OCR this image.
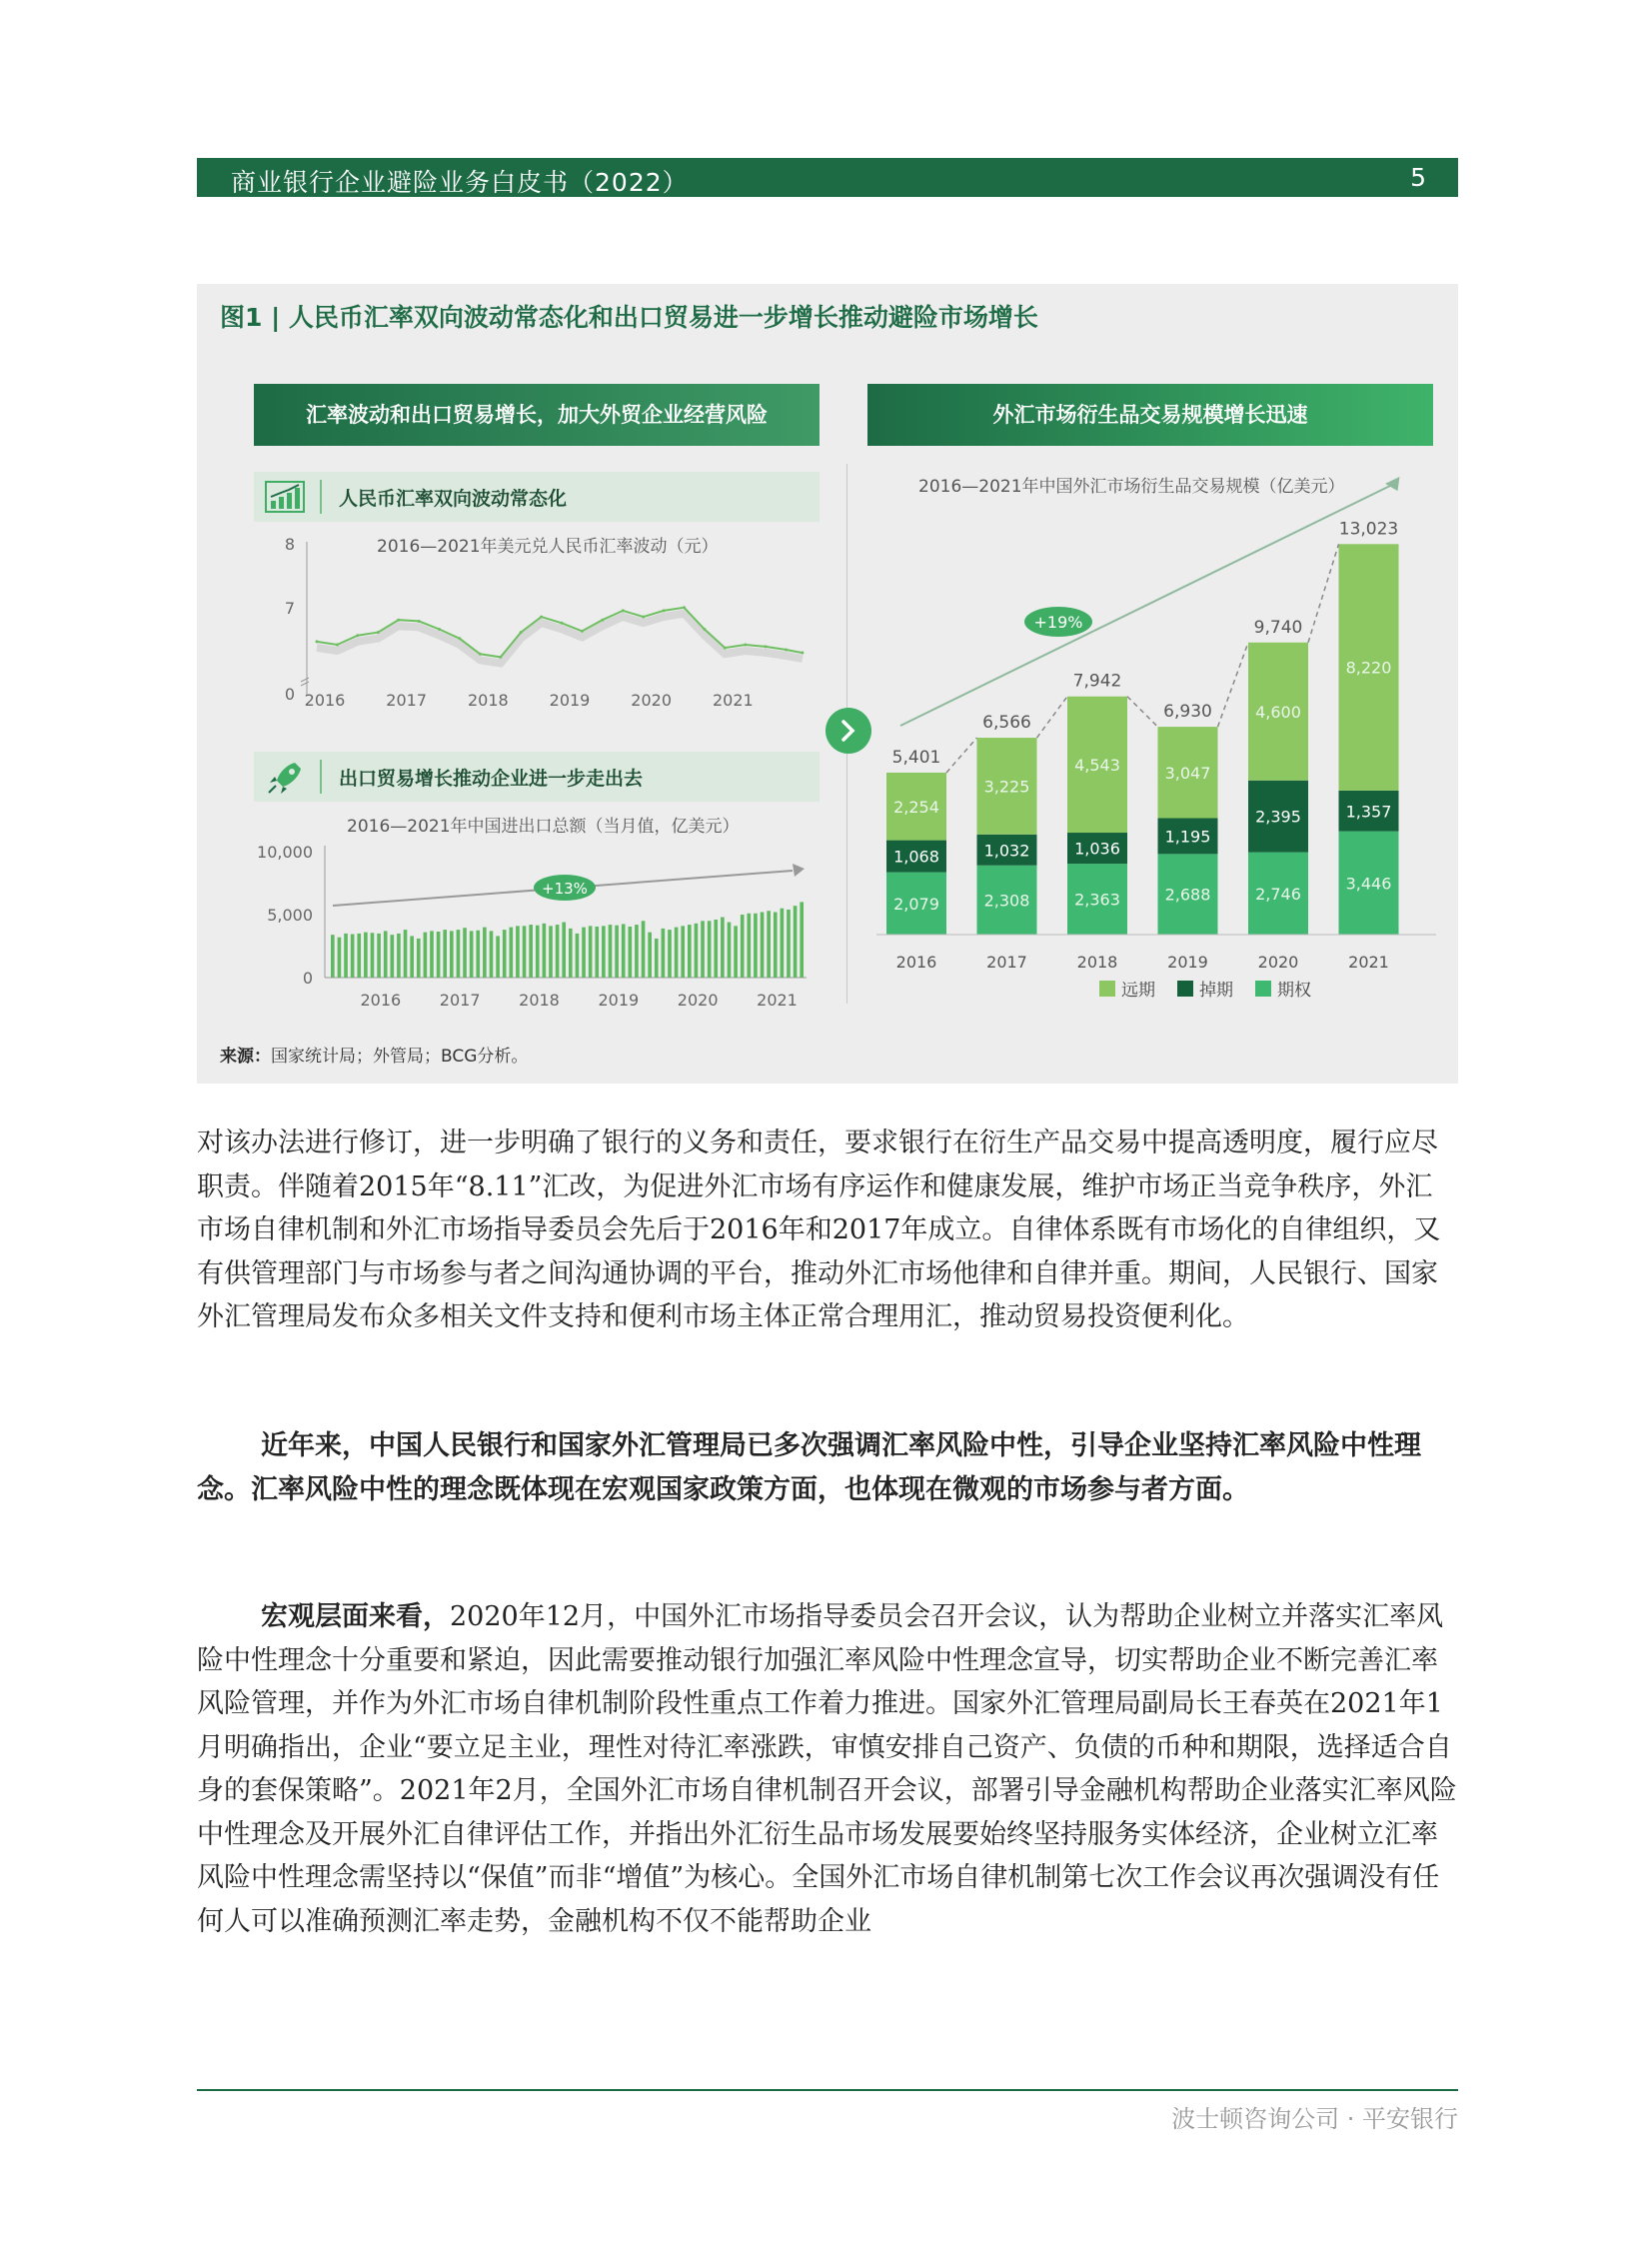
商业银行企业避险业务白皮书（2022）	5
图1 | 人民币汇率双向波动常态化和出口贸易进一步增长推动避险市场增长
汇率波动和出口贸易增长，加大外贸企业经营风险	外汇市场衍生品交易规模增长迅速
人民币汇率双向波动常态化
出口贸易增长推动企业进一步走出去
2016—2021年美元兑人民币汇率波动（元）
8
7
0 2016	2017	2018	2019	2020	2021
2016—2021年中国进出口总额（当月值，亿美元）
10,000
5,000
0
+13%
2016 2017 2018 2019 2020 2021
2016—2021年中国外汇市场衍生品交易规模（亿美元）
+19%
2,079
1,068
2,254
5,401
2016
2,308
1,032
3,225
6,566
2017
2,363
1,036
4,543
7,942
2018
2,688
1,195
3,047
6,930
2019
2,746
2,395
4,600
9,740
2020
3,446
1,357
8,220
13,023
2021
远期	掉期	期权
来源：国家统计局；外管局；BCG分析。

对该办法进行修订，进一步明确了银行的义务和责任，要求银行在衍生产品交易中提高透明度，履行应尽职责。伴随着2015年“8.11”汇改，为促进外汇市场有序运作和健康发展，维护市场正当竞争秩序，外汇市场自律机制和外汇市场指导委员会先后于2016年和2017年成立。自律体系既有市场化的自律组织，又有供管理部门与市场参与者之间沟通协调的平台，推动外汇市场他律和自律并重。期间，人民银行、国家外汇管理局发布众多相关文件支持和便利市场主体正常合理用汇，推动贸易投资便利化。

近年来，中国人民银行和国家外汇管理局已多次强调汇率风险中性，引导企业坚持汇率风险中性理念。汇率风险中性的理念既体现在宏观国家政策方面，也体现在微观的市场参与者方面。

宏观层面来看，2020年12月，中国外汇市场指导委员会召开会议，认为帮助企业树立并落实汇率风险中性理念十分重要和紧迫，因此需要推动银行加强汇率风险中性理念宣导，切实帮助企业不断完善汇率风险管理，并作为外汇市场自律机制阶段性重点工作着力推进。国家外汇管理局副局长王春英在2021年1月明确指出，企业“要立足主业，理性对待汇率涨跌，审慎安排自己资产、负债的币种和期限，选择适合自身的套保策略”。2021年2月，全国外汇市场自律机制召开会议，部署引导金融机构帮助企业落实汇率风险中性理念及开展外汇自律评估工作，并指出外汇衍生品市场发展要始终坚持服务实体经济，企业树立汇率风险中性理念需坚持以“保值”而非“增值”为核心。全国外汇市场自律机制第七次工作会议再次强调没有任何人可以准确预测汇率走势，金融机构不仅不能帮助企业

波士顿咨询公司 · 平安银行
